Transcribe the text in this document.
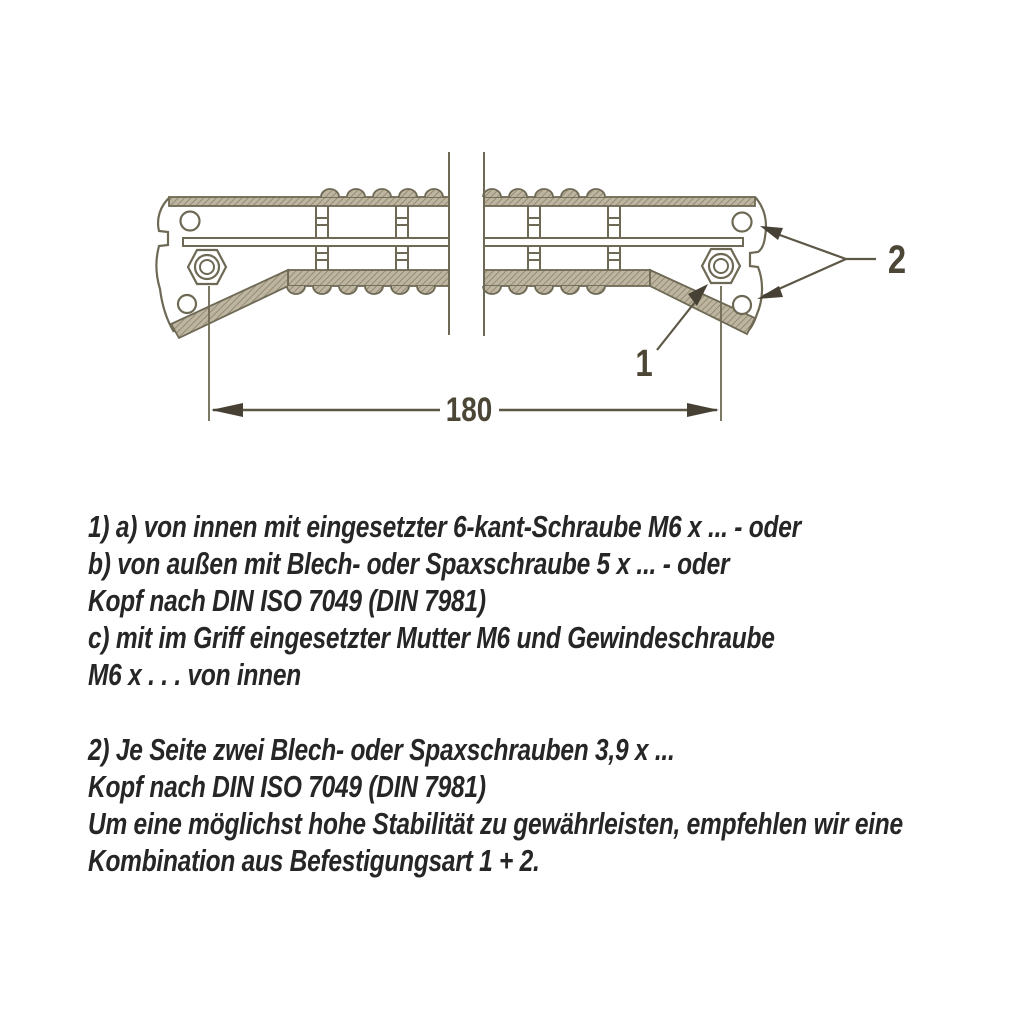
180
1
2
1) a) von innen mit eingesetzter 6-kant-Schraube M6 x ... - oder
b) von außen mit Blech- oder Spaxschraube 5 x ... - oder
Kopf nach DIN ISO 7049 (DIN 7981)
c) mit im Griff eingesetzter Mutter M6 und Gewindeschraube
M6 x . . . von innen
2) Je Seite zwei Blech- oder Spaxschrauben 3,9 x ...
Kopf nach DIN ISO 7049 (DIN 7981)
Um eine möglichst hohe Stabilität zu gewährleisten, empfehlen wir eine
Kombination aus Befestigungsart 1 + 2.
